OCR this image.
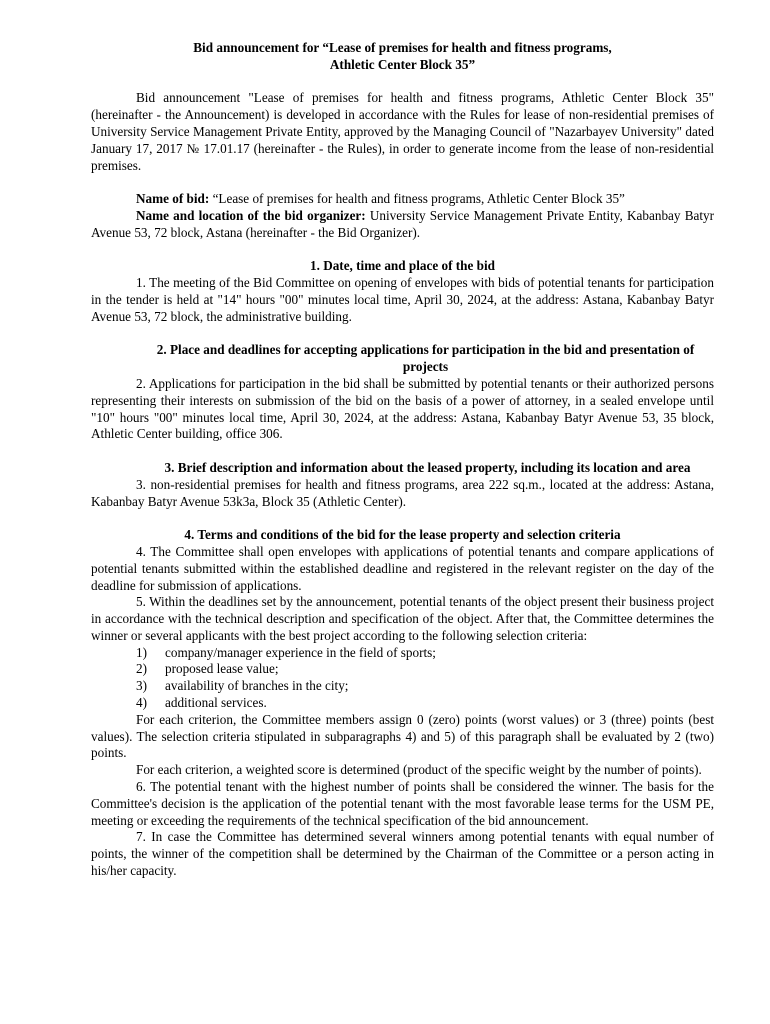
Bid announcement for “Lease of premises for health and fitness programs,

Athletic Center Block 35”

Bid announcement "Lease of premises for health and fitness programs, Athletic Center Block 35" (hereinafter - the Announcement) is developed in accordance with the Rules for lease of non-residential premises of University Service Management Private Entity, approved by the Managing Council of "Nazarbayev University" dated January 17, 2017 № 17.01.17 (hereinafter - the Rules), in order to generate income from the lease of non-residential premises.

Name of bid: “Lease of premises for health and fitness programs, Athletic Center Block 35”

Name and location of the bid organizer: University Service Management Private Entity, Kabanbay Batyr Avenue 53, 72 block, Astana (hereinafter - the Bid Organizer).

1. Date, time and place of the bid

1. The meeting of the Bid Committee on opening of envelopes with bids of potential tenants for participation in the tender is held at "14" hours "00" minutes local time, April 30, 2024, at the address: Astana, Kabanbay Batyr Avenue 53, 72 block, the administrative building.

2. Place and deadlines for accepting applications for participation in the bid and presentation of projects

2. Applications for participation in the bid shall be submitted by potential tenants or their authorized persons representing their interests on submission of the bid on the basis of a power of attorney, in a sealed envelope until "10" hours "00" minutes local time, April 30, 2024, at the address: Astana, Kabanbay Batyr Avenue 53, 35 block, Athletic Center building, office 306.

3. Brief description and information about the leased property, including its location and area

3. non-residential premises for health and fitness programs, area 222 sq.m., located at the address: Astana, Kabanbay Batyr Avenue 53k3a, Block 35 (Athletic Center).

4. Terms and conditions of the bid for the lease property and selection criteria

4. The Committee shall open envelopes with applications of potential tenants and compare applications of potential tenants submitted within the established deadline and registered in the relevant register on the day of the deadline for submission of applications.

5. Within the deadlines set by the announcement, potential tenants of the object present their business project in accordance with the technical description and specification of the object. After that, the Committee determines the winner or several applicants with the best project according to the following selection criteria:

1) company/manager experience in the field of sports;
2) proposed lease value;
3) availability of branches in the city;
4) additional services.

For each criterion, the Committee members assign 0 (zero) points (worst values) or 3 (three) points (best values). The selection criteria stipulated in subparagraphs 4) and 5) of this paragraph shall be evaluated by 2 (two) points.

For each criterion, a weighted score is determined (product of the specific weight by the number of points).

6. The potential tenant with the highest number of points shall be considered the winner. The basis for the Committee's decision is the application of the potential tenant with the most favorable lease terms for the USM PE, meeting or exceeding the requirements of the technical specification of the bid announcement.

7. In case the Committee has determined several winners among potential tenants with equal number of points, the winner of the competition shall be determined by the Chairman of the Committee or a person acting in his/her capacity.
